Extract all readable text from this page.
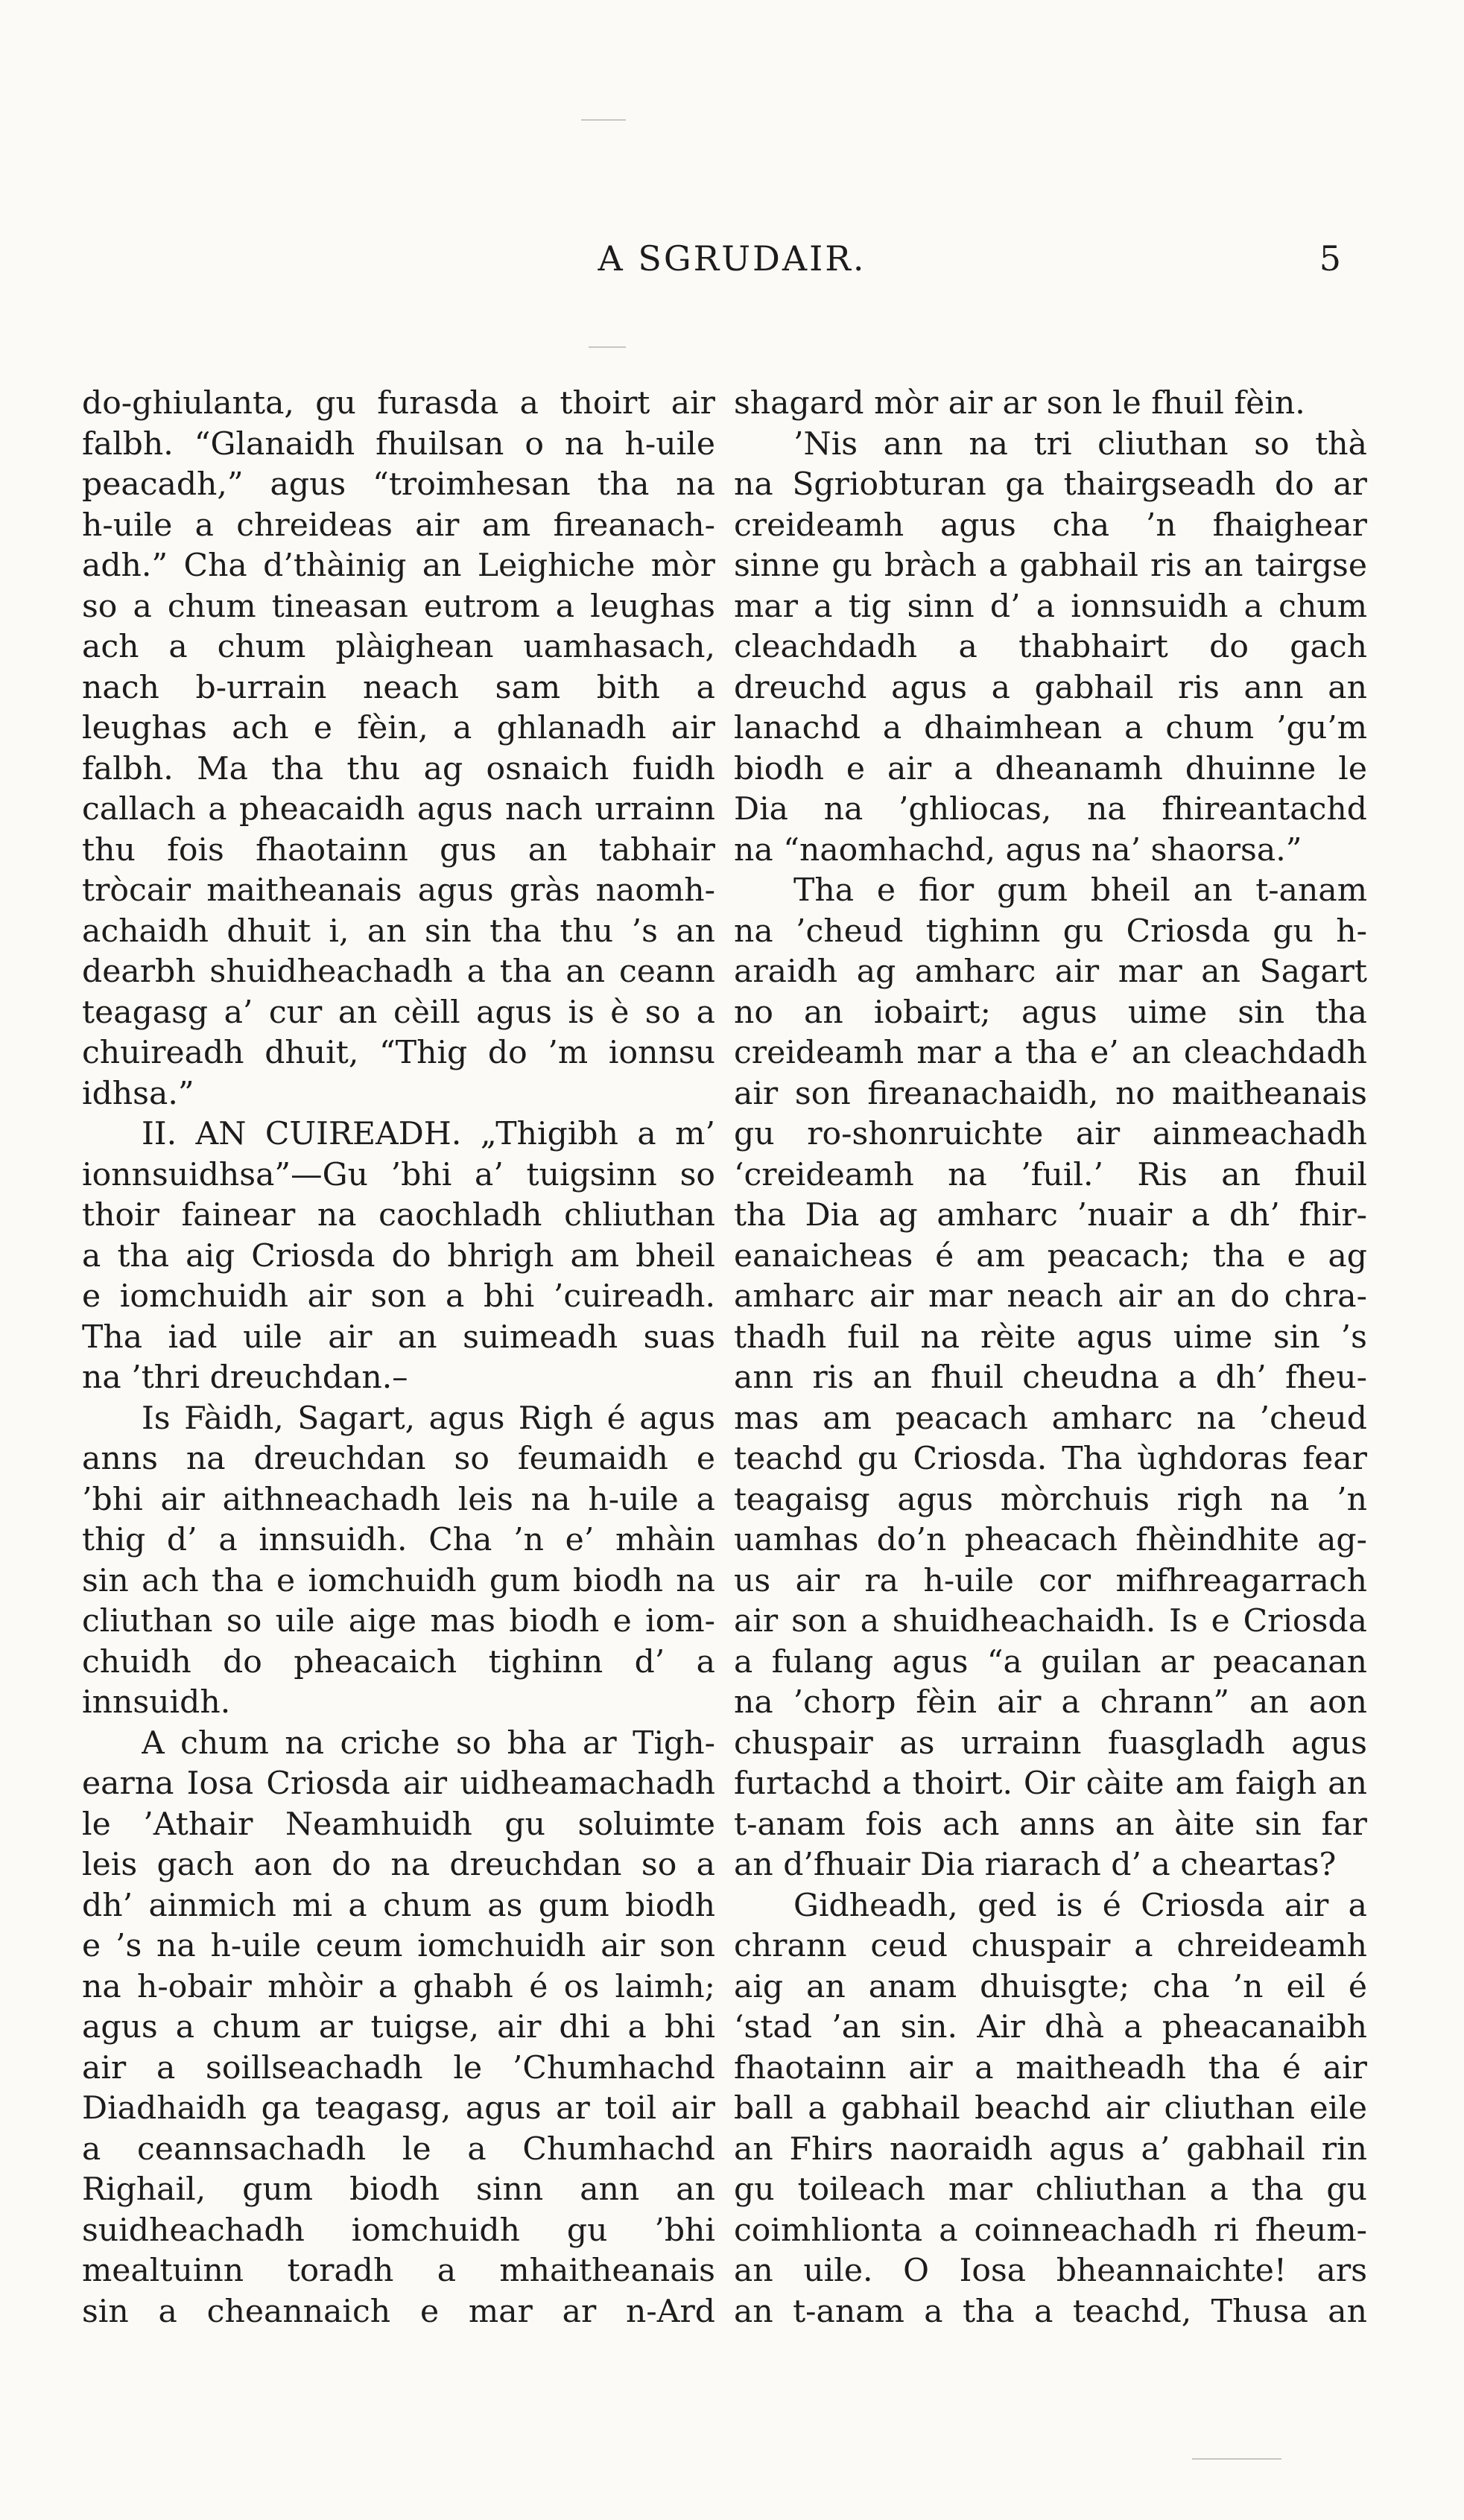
A SGRUDAIR.	5

do-ghiulanta, gu furasda a thoirt air
falbh. “Glanaidh fhuilsan o na h-uile
peacadh,” agus “troimhesan tha na
h-uile a chreideas air am fireanach-
adh.” Cha d’thàinig an Leighiche mòr
so a chum tineasan eutrom a leughas
ach a chum plàighean uamhasach,
nach b-urrain neach sam bith a
leughas ach e fèin, a ghlanadh air
falbh. Ma tha thu ag osnaich fuidh
callach a pheacaidh agus nach urrainn
thu fois fhaotainn gus an tabhair
tròcair maitheanais agus gràs naomh-
achaidh dhuit i, an sin tha thu ’s an
dearbh shuidheachadh a tha an ceann
teagasg a’ cur an cèill agus is è so a
chuireadh dhuit, “Thig do ’m ionnsu
idhsa.”

II. AN CUIREADH. „Thigibh a m’

ionnsuidhsa”—Gu ’bhi a’ tuigsinn so
thoir fainear na caochladh chliuthan
a tha aig Criosda do bhrigh am bheil
e iomchuidh air son a bhi ’cuireadh.
Tha iad uile air an suimeadh suas
na ’thri dreuchdan.–

Is Fàidh, Sagart, agus Righ é agus

anns na dreuchdan so feumaidh e
’bhi air aithneachadh leis na h-uile a
thig d’ a innsuidh. Cha ’n e’ mhàin
sin ach tha e iomchuidh gum biodh na
cliuthan so uile aige mas biodh e iom-
chuidh do pheacaich tighinn d’ a
innsuidh.

A chum na criche so bha ar Tigh-

earna Iosa Criosda air uidheamachadh
le ’Athair Neamhuidh gu soluimte
leis gach aon do na dreuchdan so a
dh’ ainmich mi a chum as gum biodh
e ’s na h-uile ceum iomchuidh air son
na h-obair mhòir a ghabh é os laimh;
agus a chum ar tuigse, air dhi a bhi
air a soillseachadh le ’Chumhachd
Diadhaidh ga teagasg, agus ar toil air
a ceannsachadh le a Chumhachd
Righail, gum biodh sinn ann an
suidheachadh iomchuidh gu ’bhi
mealtuinn toradh a mhaitheanais
sin a cheannaich e mar ar n-Ard

shagard mòr air ar son le fhuil fèin.

’Nis ann na tri cliuthan so thà

na Sgriobturan ga thairgseadh do ar
creideamh agus cha ’n fhaighear
sinne gu bràch a gabhail ris an tairgse
mar a tig sinn d’ a ionnsuidh a chum
cleachdadh a thabhairt do gach
dreuchd agus a gabhail ris ann an
lanachd a dhaimhean a chum ’gu’m
biodh e air a dheanamh dhuinne le
Dia na ’ghliocas, na fhireantachd
na “naomhachd, agus na’ shaorsa.”

Tha e fior gum bheil an t-anam

na ’cheud tighinn gu Criosda gu h-
araidh ag amharc air mar an Sagart
no an iobairt; agus uime sin tha
creideamh mar a tha e’ an cleachdadh
air son fireanachaidh, no maitheanais
gu ro-shonruichte air ainmeachadh
‘creideamh na ’fuil.’ Ris an fhuil
tha Dia ag amharc ’nuair a dh’ fhir-
eanaicheas é am peacach; tha e ag
amharc air mar neach air an do chra-
thadh fuil na rèite agus uime sin ’s
ann ris an fhuil cheudna a dh’ fheu-
mas am peacach amharc na ’cheud
teachd gu Criosda. Tha ùghdoras fear
teagaisg agus mòrchuis righ na ’n
uamhas do’n pheacach fhèindhite ag-
us air ra h-uile cor mifhreagarrach
air son a shuidheachaidh. Is e Criosda
a fulang agus “a guilan ar peacanan
na ’chorp fèin air a chrann” an aon
chuspair as urrainn fuasgladh agus
furtachd a thoirt. Oir càite am faigh an
t-anam fois ach anns an àite sin far
an d’fhuair Dia riarach d’ a cheartas?

Gidheadh, ged is é Criosda air a

chrann ceud chuspair a chreideamh
aig an anam dhuisgte; cha ’n eil é
‘stad ’an sin. Air dhà a pheacanaibh
fhaotainn air a maitheadh tha é air
ball a gabhail beachd air cliuthan eile
an Fhirs naoraidh agus a’ gabhail rin
gu toileach mar chliuthan a tha gu
coimhlionta a coinneachadh ri fheum-
an uile. O Iosa bheannaichte! ars
an t-anam a tha a teachd, Thusa an
